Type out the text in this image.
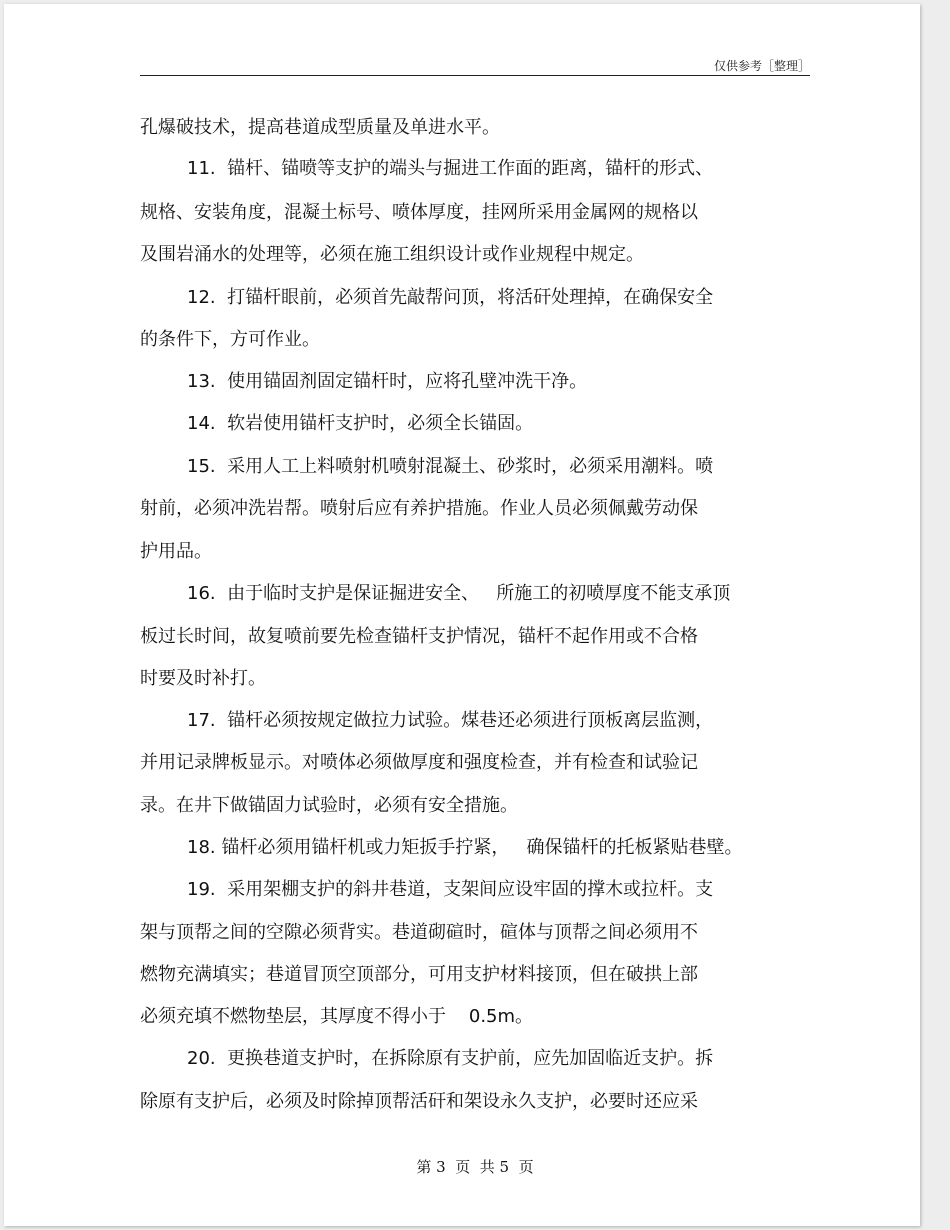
仅供参考［整理］
孔爆破技术，提高巷道成型质量及单进水平。
11.  锚杆、锚喷等支护的端头与掘进工作面的距离，锚杆的形式、
规格、安装角度，混凝土标号、喷体厚度，挂网所采用金属网的规格以
及围岩涌水的处理等，必须在施工组织设计或作业规程中规定。
12.  打锚杆眼前，必须首先敲帮问顶，将活矸处理掉，在确保安全
的条件下，方可作业。
13.  使用锚固剂固定锚杆时，应将孔壁冲洗干净。
14.  软岩使用锚杆支护时，必须全长锚固。
15.  采用人工上料喷射机喷射混凝土、砂浆时，必须采用潮料。喷
射前，必须冲洗岩帮。喷射后应有养护措施。作业人员必须佩戴劳动保
护用品。
16.  由于临时支护是保证掘进安全、   所施工的初喷厚度不能支承顶
板过长时间，故复喷前要先检查锚杆支护情况，锚杆不起作用或不合格
时要及时补打。
17.  锚杆必须按规定做拉力试验。煤巷还必须进行顶板离层监测，
并用记录牌板显示。对喷体必须做厚度和强度检查，并有检查和试验记
录。在井下做锚固力试验时，必须有安全措施。
18. 锚杆必须用锚杆机或力矩扳手拧紧，   确保锚杆的托板紧贴巷壁。
19.  采用架棚支护的斜井巷道，支架间应设牢固的撑木或拉杆。支
架与顶帮之间的空隙必须背实。巷道砌碹时，碹体与顶帮之间必须用不
燃物充满填实；巷道冒顶空顶部分，可用支护材料接顶，但在破拱上部
必须充填不燃物垫层，其厚度不得小于    0.5m。
20.  更换巷道支护时，在拆除原有支护前，应先加固临近支护。拆
除原有支护后，必须及时除掉顶帮活矸和架设永久支护，必要时还应采
第 3  页  共 5  页
